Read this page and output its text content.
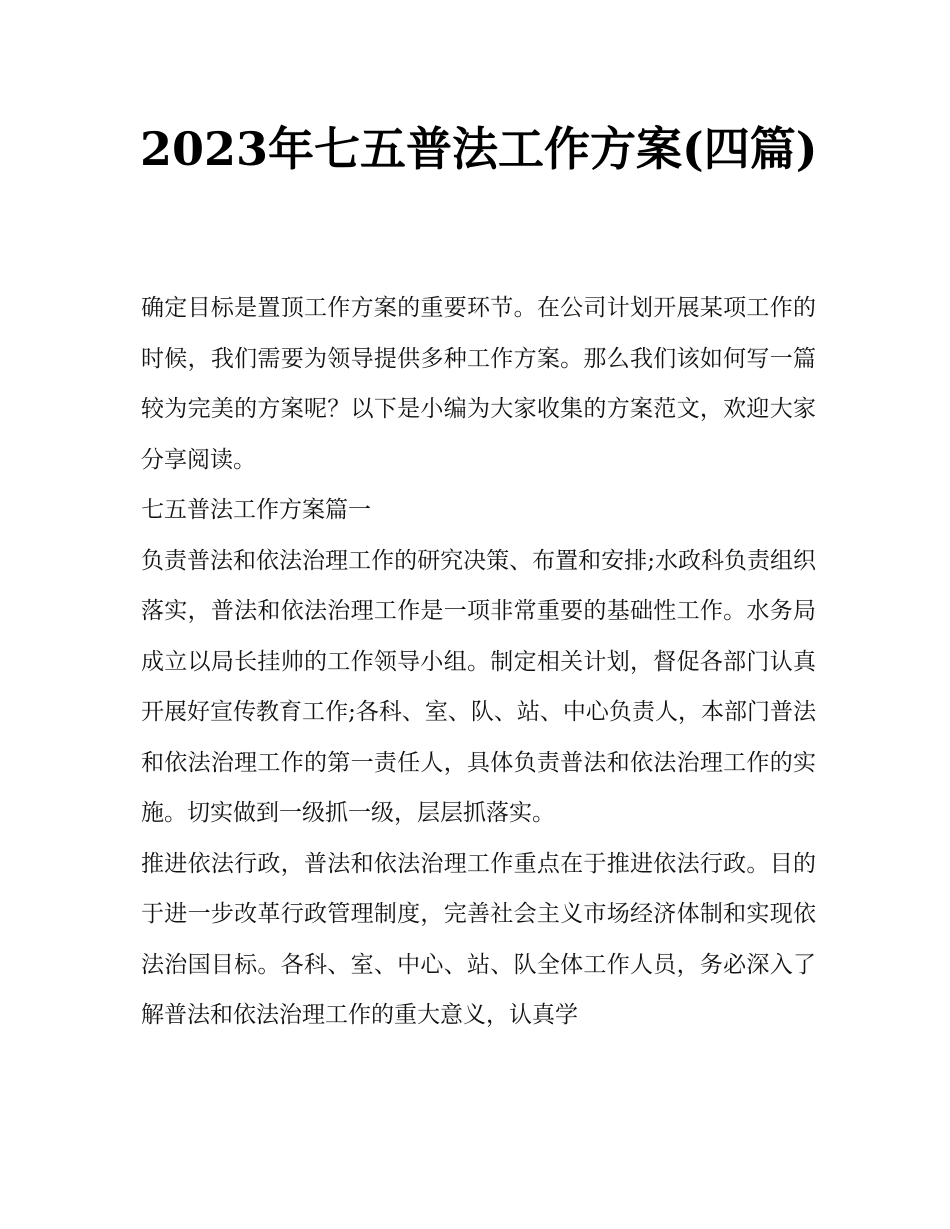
2023年七五普法工作方案(四篇)

确定目标是置顶工作方案的重要环节。在公司计划开展某项工作的时候，我们需要为领导提供多种工作方案。那么我们该如何写一篇较为完美的方案呢？以下是小编为大家收集的方案范文，欢迎大家分享阅读。

七五普法工作方案篇一

负责普法和依法治理工作的研究决策、布置和安排;水政科负责组织落实，普法和依法治理工作是一项非常重要的基础性工作。水务局成立以局长挂帅的工作领导小组。制定相关计划，督促各部门认真开展好宣传教育工作;各科、室、队、站、中心负责人，本部门普法和依法治理工作的第一责任人，具体负责普法和依法治理工作的实施。切实做到一级抓一级，层层抓落实。

推进依法行政，普法和依法治理工作重点在于推进依法行政。目的于进一步改革行政管理制度，完善社会主义市场经济体制和实现依法治国目标。各科、室、中心、站、队全体工作人员，务必深入了解普法和依法治理工作的重大意义，认真学
